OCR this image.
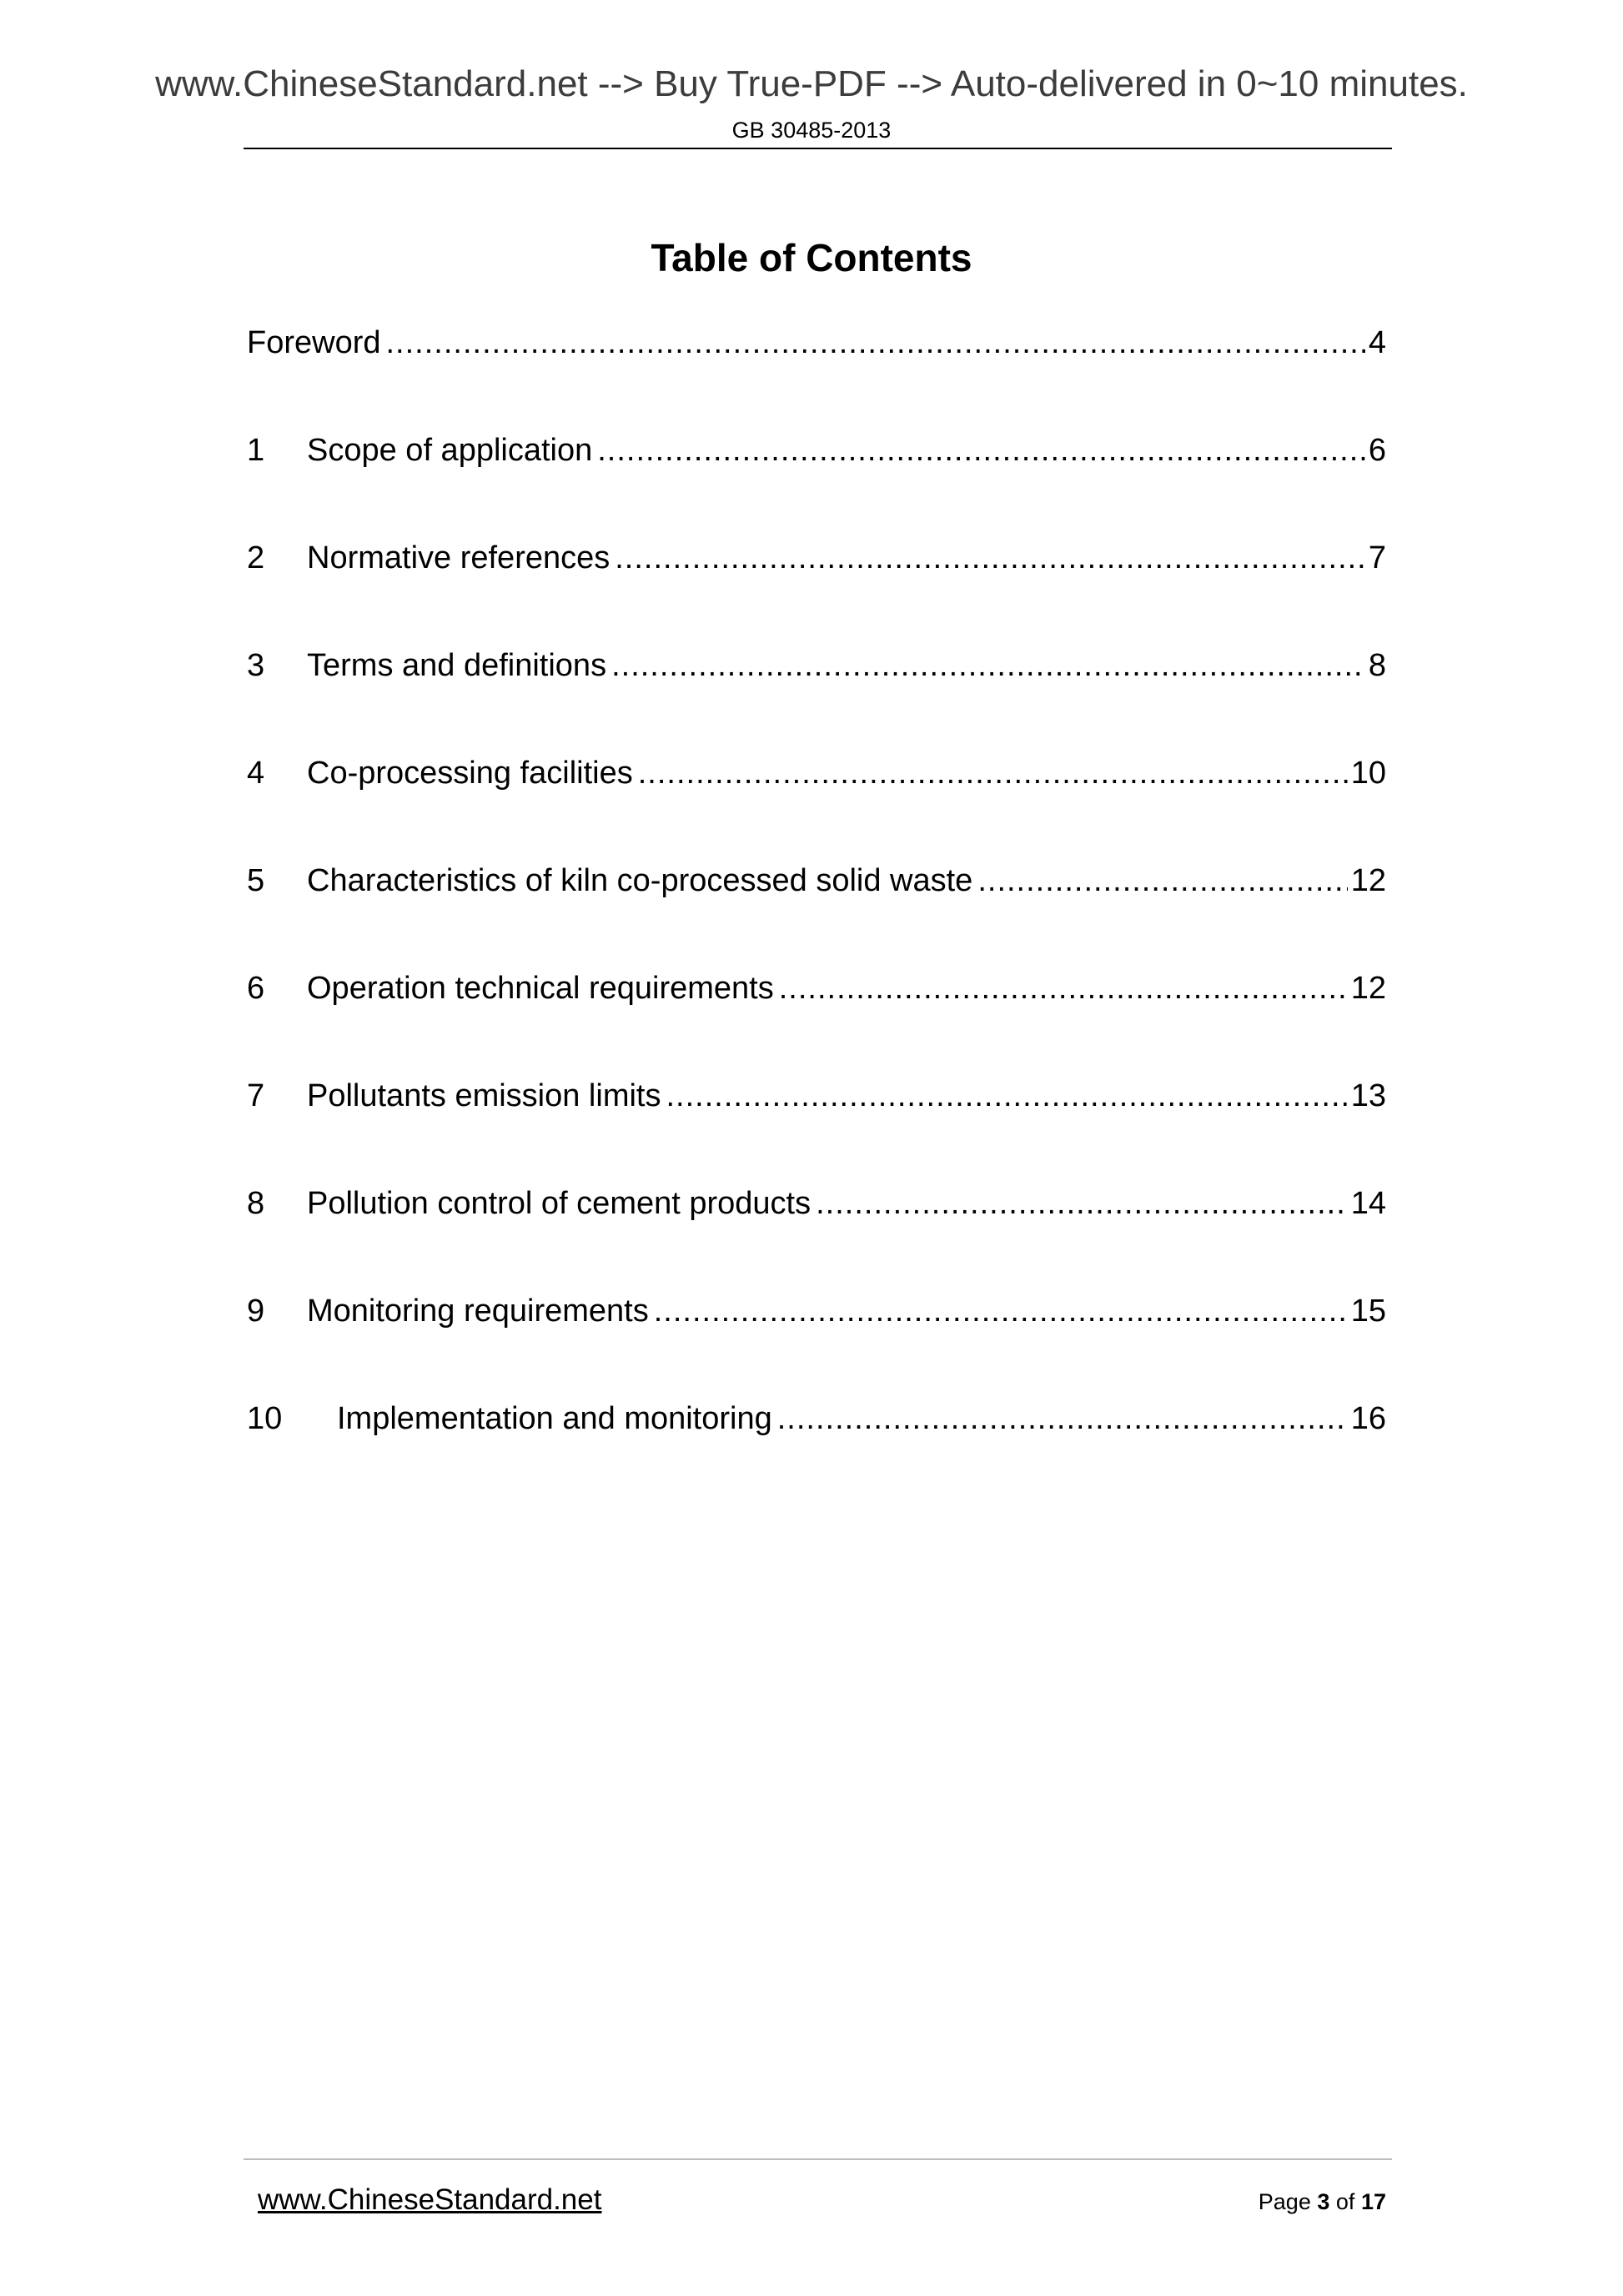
www.ChineseStandard.net --> Buy True-PDF --> Auto-delivered in 0~10 minutes.
GB 30485-2013
Table of Contents
Foreword .....	4
1	Scope of application .....	6
2	Normative references .....	7
3	Terms and definitions .....	8
4	Co-processing facilities .....	10
5	Characteristics of kiln co-processed solid waste .....	12
6	Operation technical requirements .....	12
7	Pollutants emission limits .....	13
8	Pollution control of cement products .....	14
9	Monitoring requirements .....	15
10	Implementation and monitoring .....	16
www.ChineseStandard.net	Page 3 of 17
